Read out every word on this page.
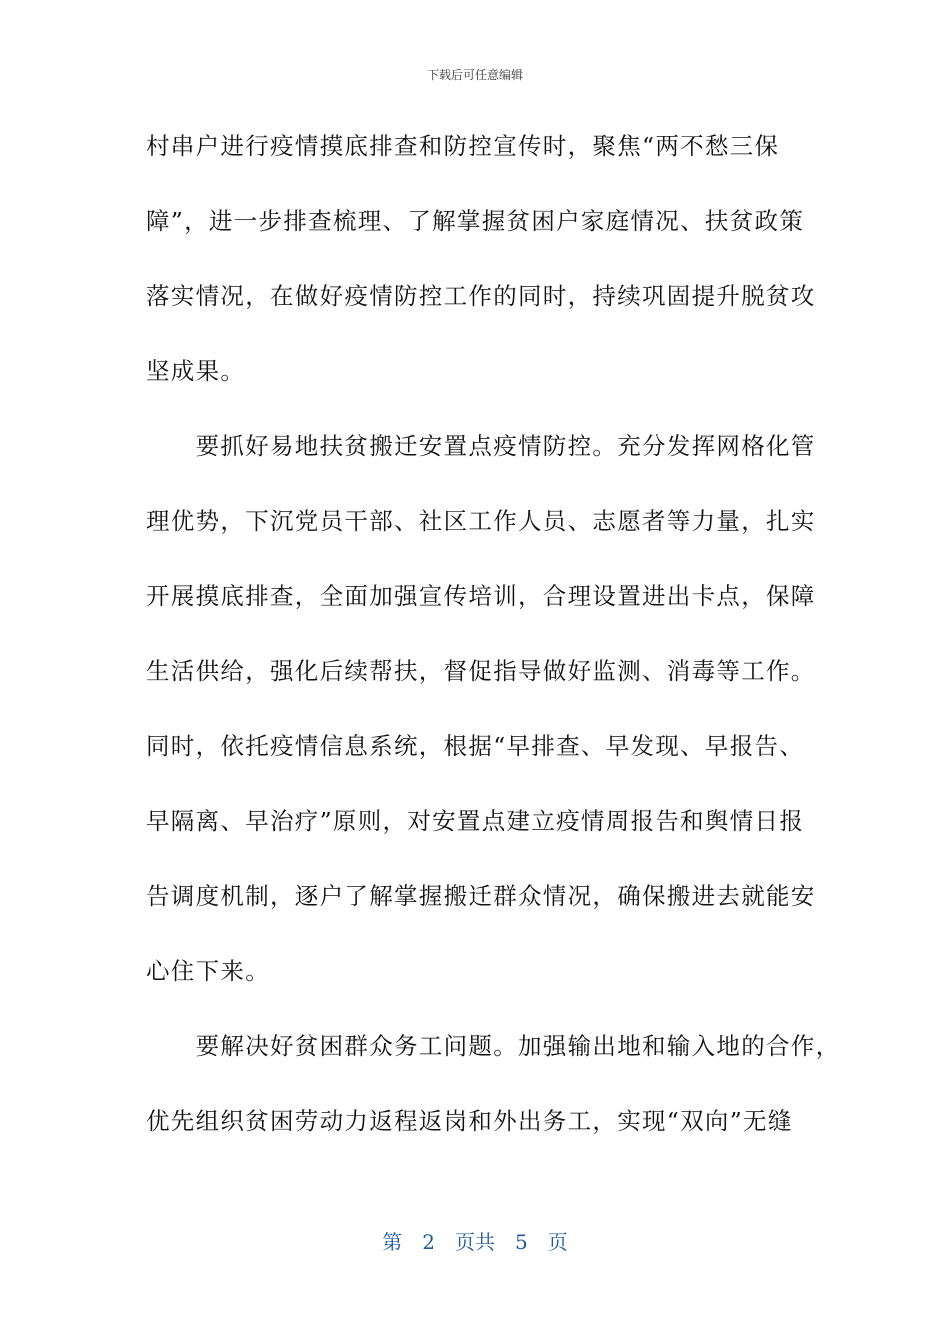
下载后可任意编辑
村串户进行疫情摸底排查和防控宣传时，聚焦“两不愁三保
障”，进一步排查梳理、了解掌握贫困户家庭情况、扶贫政策
落实情况，在做好疫情防控工作的同时，持续巩固提升脱贫攻
坚成果。
　　要抓好易地扶贫搬迁安置点疫情防控。充分发挥网格化管
理优势，下沉党员干部、社区工作人员、志愿者等力量，扎实
开展摸底排查，全面加强宣传培训，合理设置进出卡点，保障
生活供给，强化后续帮扶，督促指导做好监测、消毒等工作。
同时，依托疫情信息系统，根据“早排查、早发现、早报告、
早隔离、早治疗”原则，对安置点建立疫情周报告和舆情日报
告调度机制，逐户了解掌握搬迁群众情况，确保搬进去就能安
心住下来。
　　要解决好贫困群众务工问题。加强输出地和输入地的合作，
优先组织贫困劳动力返程返岗和外出务工，实现“双向”无缝
第　2　页共　5　页
